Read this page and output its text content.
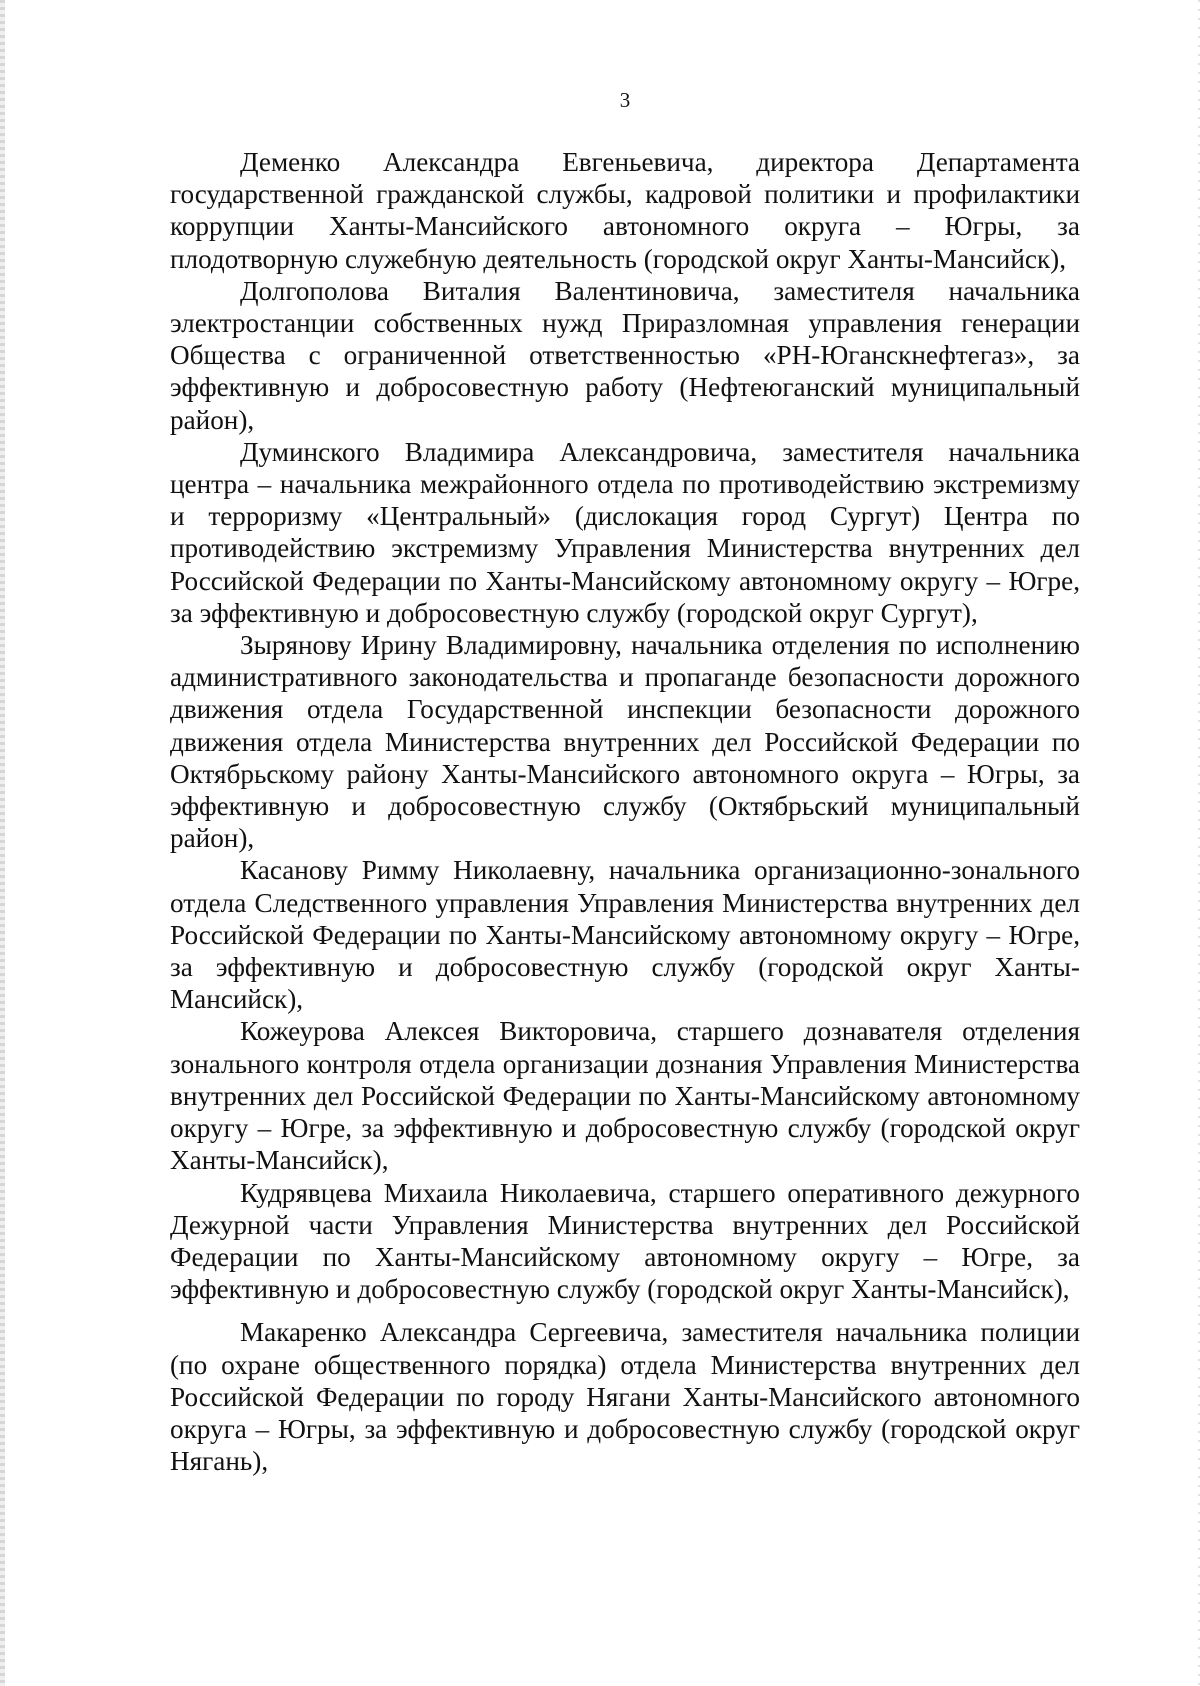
3

Деменко Александра Евгеньевича, директора Департамента государственной гражданской службы, кадровой политики и профилактики коррупции Ханты-Мансийского автономного округа – Югры, за плодотворную служебную деятельность (городской округ Ханты-Мансийск),

Долгополова Виталия Валентиновича, заместителя начальника электростанции собственных нужд Приразломная управления генерации Общества с ограниченной ответственностью «РН-Юганскнефтегаз», за эффективную и добросовестную работу (Нефтеюганский муниципальный район),

Думинского Владимира Александровича, заместителя начальника центра – начальника межрайонного отдела по противодействию экстремизму и терроризму «Центральный» (дислокация город Сургут) Центра по противодействию экстремизму Управления Министерства внутренних дел Российской Федерации по Ханты-Мансийскому автономному округу – Югре, за эффективную и добросовестную службу (городской округ Сургут),

Зырянову Ирину Владимировну, начальника отделения по исполнению административного законодательства и пропаганде безопасности дорожного движения отдела Государственной инспекции безопасности дорожного движения отдела Министерства внутренних дел Российской Федерации по Октябрьскому району Ханты-Мансийского автономного округа – Югры, за эффективную и добросовестную службу (Октябрьский муниципальный район),

Касанову Римму Николаевну, начальника организационно-зонального отдела Следственного управления Управления Министерства внутренних дел Российской Федерации по Ханты-Мансийскому автономному округу – Югре, за эффективную и добросовестную службу (городской округ Ханты-Мансийск),

Кожеурова Алексея Викторовича, старшего дознавателя отделения зонального контроля отдела организации дознания Управления Министерства внутренних дел Российской Федерации по Ханты-Мансийскому автономному округу – Югре, за эффективную и добросовестную службу (городской округ Ханты-Мансийск),

Кудрявцева Михаила Николаевича, старшего оперативного дежурного Дежурной части Управления Министерства внутренних дел Российской Федерации по Ханты-Мансийскому автономному округу – Югре, за эффективную и добросовестную службу (городской округ Ханты-Мансийск),

Макаренко Александра Сергеевича, заместителя начальника полиции (по охране общественного порядка) отдела Министерства внутренних дел Российской Федерации по городу Нягани Ханты-Мансийского автономного округа – Югры, за эффективную и добросовестную службу (городской округ Нягань),
